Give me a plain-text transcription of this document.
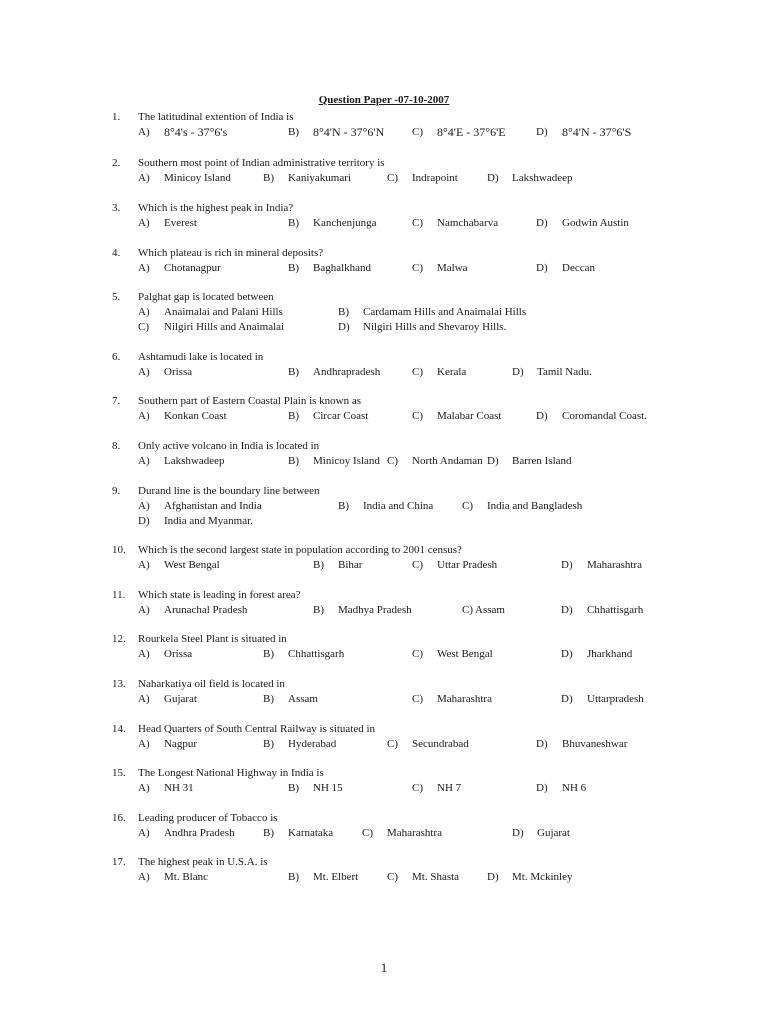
Question Paper -07-10-2007
1. The latitudinal extention of India is
A) 8°4's - 37°6's	B) 8°4'N - 37°6'N	C) 8°4'E - 37°6'E	D) 8°4'N - 37°6'S
2. Southern most point of Indian administrative territory is
A) Minicoy Island	B) Kaniyakumari	C) Indrapoint	D) Lakshwadeep
3. Which is the highest peak in India?
A) Everest	B) Kanchenjunga	C) Namchabarva	D) Godwin Austin
4. Which plateau is rich in mineral deposits?
A) Chotanagpur	B) Baghalkhand	C) Malwa	D) Deccan
5. Palghat gap is located between
A) Anaimalai and Palani Hills	B) Cardamam Hills and Anaimalai Hills
C) Nilgiri Hills and Anaimalai	D) Nilgiri Hills and Shevaroy Hills.
6. Ashtamudi lake is located in
A) Orissa	B) Andhrapradesh	C) Kerala	D) Tamil Nadu.
7. Southern part of Eastern Coastal Plain is known as
A) Konkan Coast	B) Circar Coast	C) Malabar Coast	D) Coromandal Coast.
8. Only active volcano in India is located in
A) Lakshwadeep	B) Minicoy Island C) North Andaman D) Barren Island
9. Durand line is the boundary line between
A) Afghanistan and India	B) India and China	C) India and Bangladesh
D) India and Myanmar.
10. Which is the second largest state in population according to 2001 census?
A) West Bengal	B) Bihar	C) Uttar Pradesh	D) Maharashtra
11. Which state is leading in forest area?
A) Arunachal Pradesh	B) Madhya Pradesh	C) Assam	D) Chhattisgarh
12. Rourkela Steel Plant is situated in
A) Orissa	B) Chhattisgarh	C) West Bengal	D) Jharkhand
13. Naharkatiya oil field is located in
A) Gujarat	B) Assam	C) Maharashtra	D) Uttarpradesh
14. Head Quarters of South Central Railway is situated in
A) Nagpur	B) Hyderabad	C) Secundrabad	D) Bhuvaneshwar
15. The Longest National Highway in India is
A) NH 31	B) NH 15	C) NH 7	D) NH 6
16. Leading producer of Tobacco is
A) Andhra Pradesh	B) Karnataka	C) Maharashtra	D) Gujarat
17. The highest peak in U.S.A. is
A) Mt. Blanc	B) Mt. Elbert	C) Mt. Shasta	D) Mt. Mckinley
1
